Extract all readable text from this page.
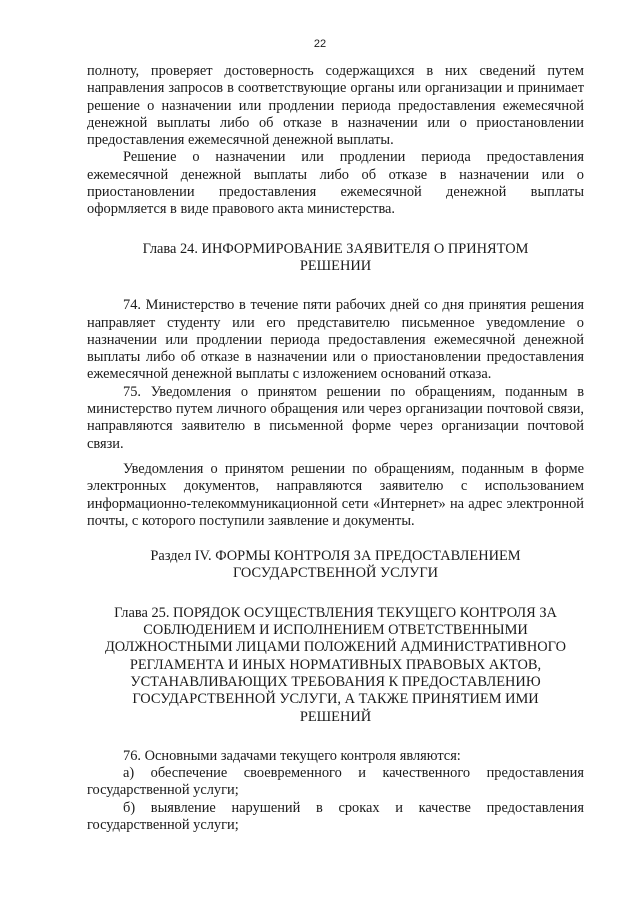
22

полноту, проверяет достоверность содержащихся в них сведений путем направления запросов в соответствующие органы или организации и принимает решение о назначении или продлении периода предоставления ежемесячной денежной выплаты либо об отказе в назначении или о приостановлении предоставления ежемесячной денежной выплаты.

Решение о назначении или продлении периода предоставления ежемесячной денежной выплаты либо об отказе в назначении или о приостановлении предоставления ежемесячной денежной выплаты оформляется в виде правового акта министерства.

Глава 24. ИНФОРМИРОВАНИЕ ЗАЯВИТЕЛЯ О ПРИНЯТОМ РЕШЕНИИ

74. Министерство в течение пяти рабочих дней со дня принятия решения направляет студенту или его представителю письменное уведомление о назначении или продлении периода предоставления ежемесячной денежной выплаты либо об отказе в назначении или о приостановлении предоставления ежемесячной денежной выплаты с изложением оснований отказа.

75. Уведомления о принятом решении по обращениям, поданным в министерство путем личного обращения или через организации почтовой связи, направляются заявителю в письменной форме через организации почтовой связи.

Уведомления о принятом решении по обращениям, поданным в форме электронных документов, направляются заявителю с использованием информационно-телекоммуникационной сети «Интернет» на адрес электронной почты, с которого поступили заявление и документы.

Раздел IV. ФОРМЫ КОНТРОЛЯ ЗА ПРЕДОСТАВЛЕНИЕМ ГОСУДАРСТВЕННОЙ УСЛУГИ

Глава 25. ПОРЯДОК ОСУЩЕСТВЛЕНИЯ ТЕКУЩЕГО КОНТРОЛЯ ЗА СОБЛЮДЕНИЕМ И ИСПОЛНЕНИЕМ ОТВЕТСТВЕННЫМИ ДОЛЖНОСТНЫМИ ЛИЦАМИ ПОЛОЖЕНИЙ АДМИНИСТРАТИВНОГО РЕГЛАМЕНТА И ИНЫХ НОРМАТИВНЫХ ПРАВОВЫХ АКТОВ, УСТАНАВЛИВАЮЩИХ ТРЕБОВАНИЯ К ПРЕДОСТАВЛЕНИЮ ГОСУДАРСТВЕННОЙ УСЛУГИ, А ТАКЖЕ ПРИНЯТИЕМ ИМИ РЕШЕНИЙ

76. Основными задачами текущего контроля являются:

а) обеспечение своевременного и качественного предоставления государственной услуги;

б) выявление нарушений в сроках и качестве предоставления государственной услуги;
